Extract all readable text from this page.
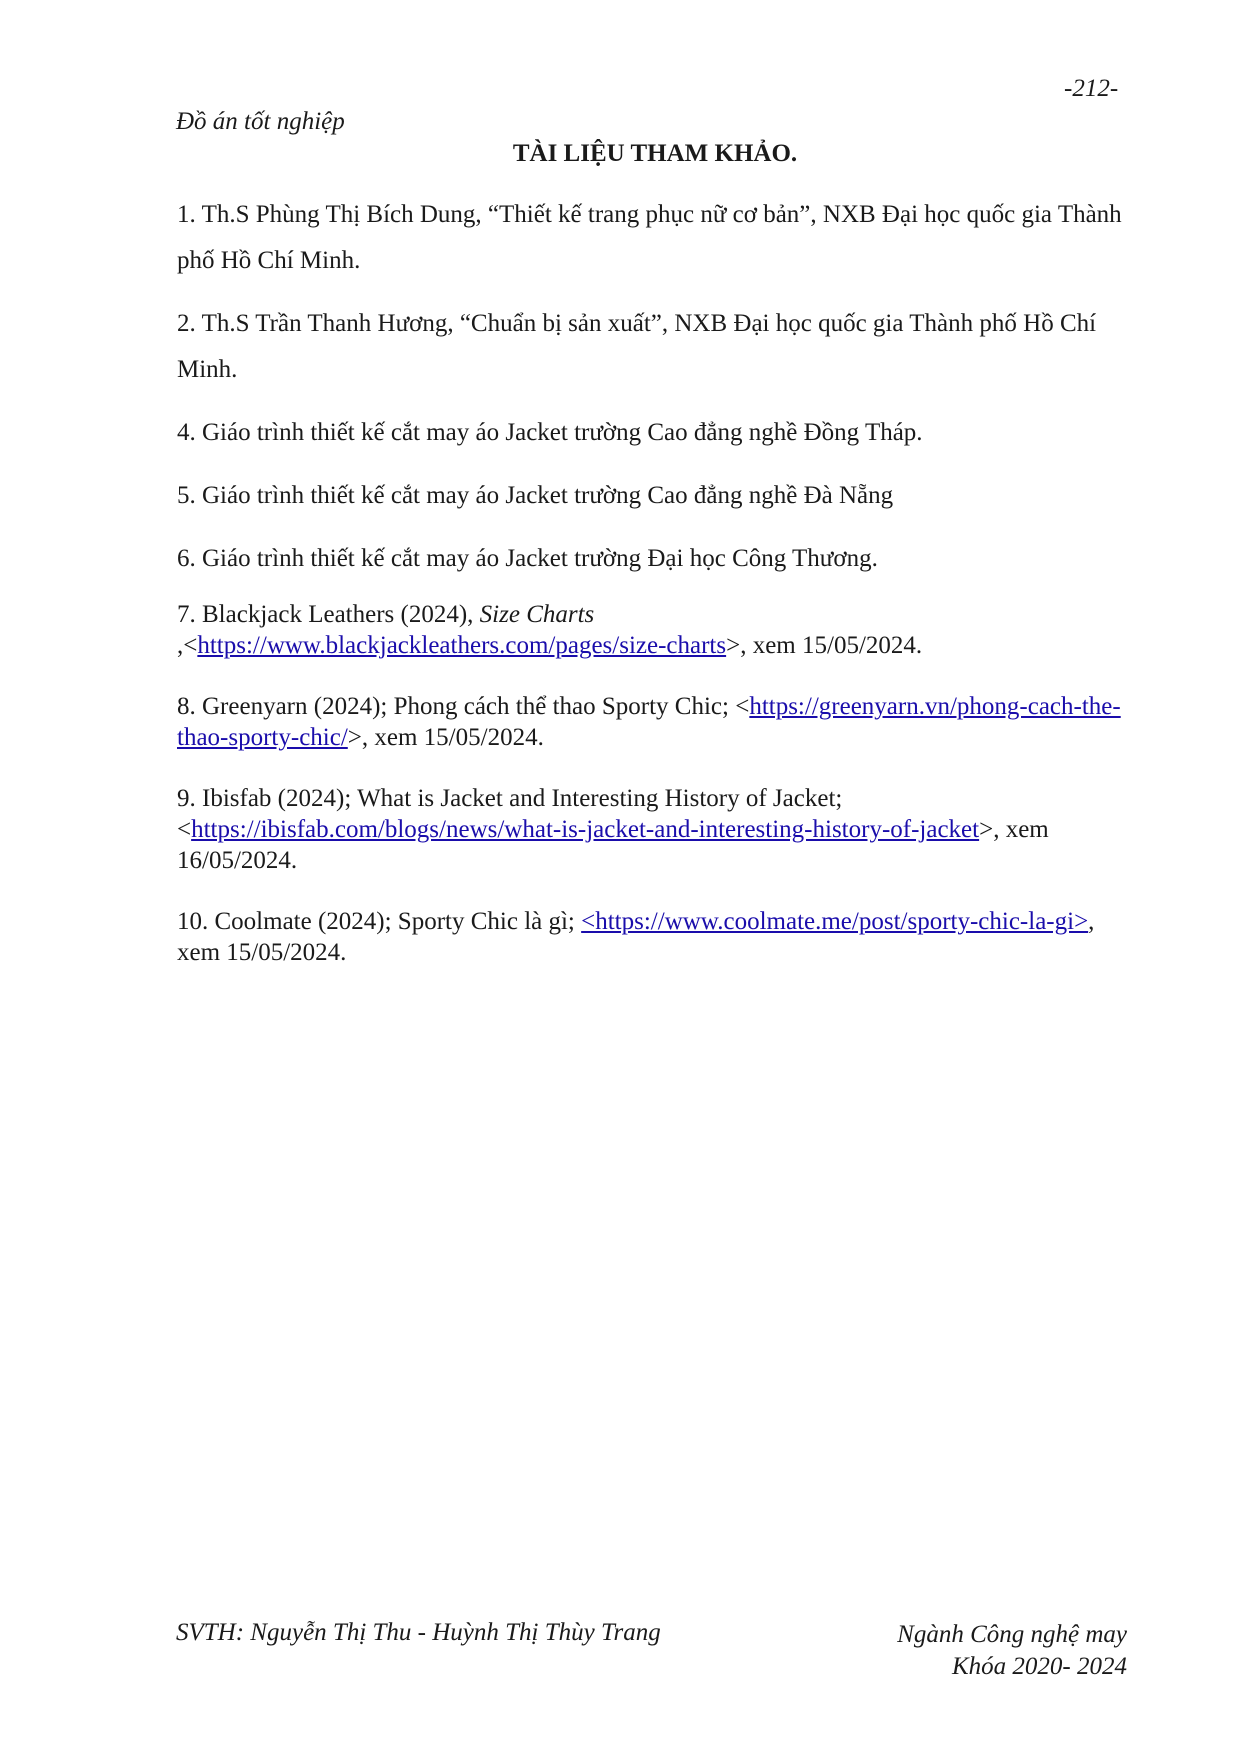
-212-
Đồ án tốt nghiệp
TÀI LIỆU THAM KHẢO.

1. Th.S Phùng Thị Bích Dung, “Thiết kế trang phục nữ cơ bản”, NXB Đại học quốc gia Thành phố Hồ Chí Minh.

2. Th.S Trần Thanh Hương, “Chuẩn bị sản xuất”, NXB Đại học quốc gia Thành phố Hồ Chí Minh.

4. Giáo trình thiết kế cắt may áo Jacket trường Cao đẳng nghề Đồng Tháp.

5. Giáo trình thiết kế cắt may áo Jacket trường Cao đẳng nghề Đà Nẵng

6. Giáo trình thiết kế cắt may áo Jacket trường Đại học Công Thương.

7. Blackjack Leathers (2024), Size Charts
,<https://www.blackjackleathers.com/pages/size-charts>, xem 15/05/2024.

8. Greenyarn (2024); Phong cách thể thao Sporty Chic; <https://greenyarn.vn/phong-cach-the-thao-sporty-chic/>, xem 15/05/2024.

9. Ibisfab (2024); What is Jacket and Interesting History of Jacket; <https://ibisfab.com/blogs/news/what-is-jacket-and-interesting-history-of-jacket>, xem 16/05/2024.

10. Coolmate (2024); Sporty Chic là gì; <https://www.coolmate.me/post/sporty-chic-la-gi>, xem 15/05/2024.

SVTH: Nguyễn Thị Thu - Huỳnh Thị Thùy Trang	Ngành Công nghệ may
Khóa 2020- 2024
